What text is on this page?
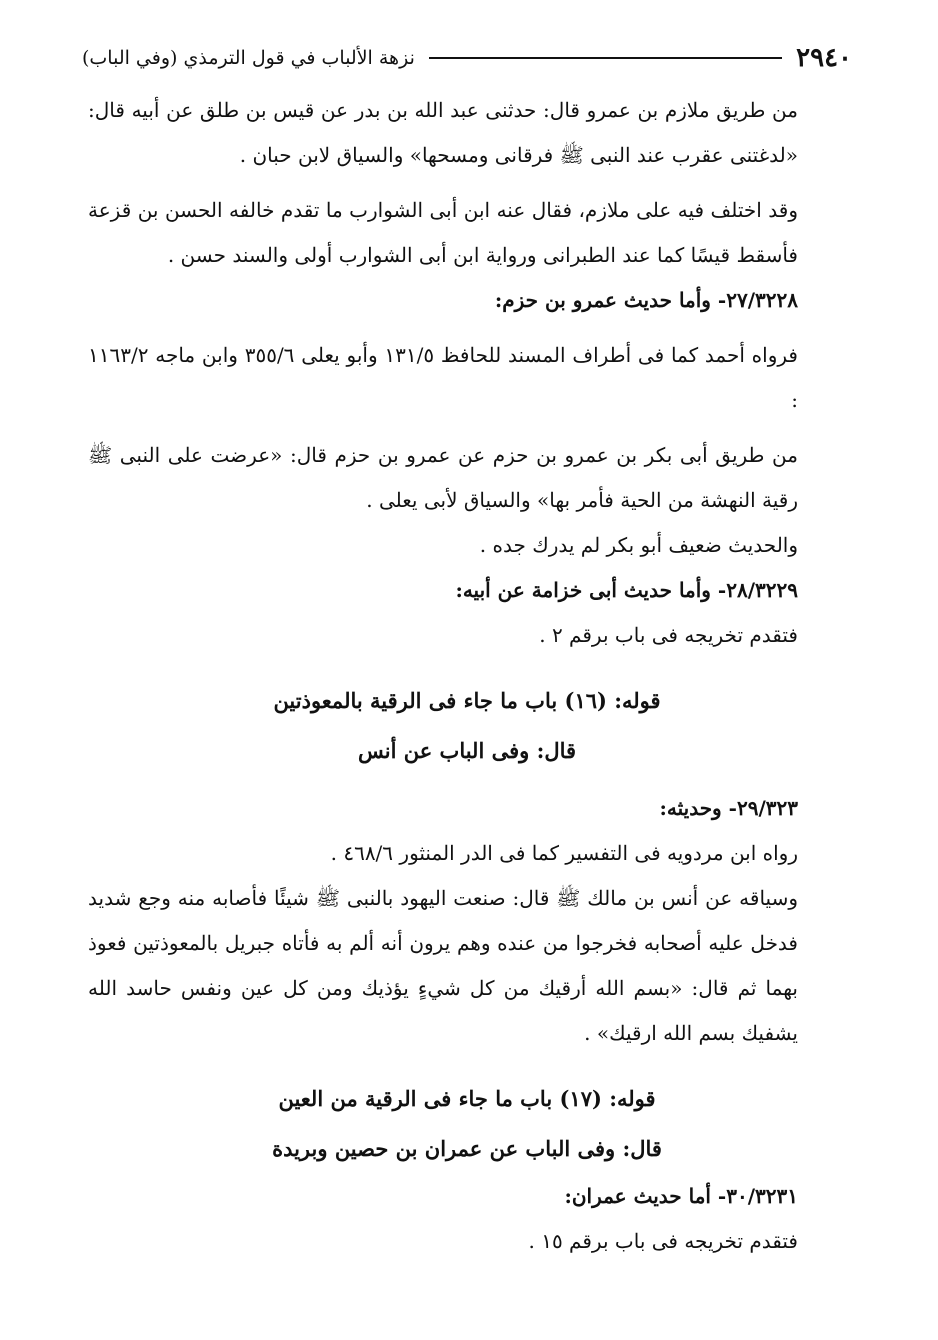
٢٩٤٠
نزهة الألباب في قول الترمذي (وفي الباب)

من طريق ملازم بن عمرو قال: حدثنى عبد الله بن بدر عن قيس بن طلق عن أبيه قال: «لدغتنى عقرب عند النبى ﷺ فرقانى ومسحها» والسياق لابن حبان .

وقد اختلف فيه على ملازم، فقال عنه ابن أبى الشوارب ما تقدم خالفه الحسن بن قزعة فأسقط قيسًا كما عند الطبرانى ورواية ابن أبى الشوارب أولى والسند حسن .

٢٧/٣٢٢٨- وأما حديث عمرو بن حزم:

فرواه أحمد كما فى أطراف المسند للحافظ ١٣١/٥ وأبو يعلى ٣٥٥/٦ وابن ماجه ١١٦٣/٢ :

من طريق أبى بكر بن عمرو بن حزم عن عمرو بن حزم قال: «عرضت على النبى ﷺ رقية النهشة من الحية فأمر بها» والسياق لأبى يعلى .

والحديث ضعيف أبو بكر لم يدرك جده .

٢٨/٣٢٢٩- وأما حديث أبى خزامة عن أبيه:

فتقدم تخريجه فى باب برقم ٢ .

قوله: (١٦) باب ما جاء فى الرقية بالمعوذتين

قال: وفى الباب عن أنس

٢٩/٣٢٣- وحديثه:

رواه ابن مردويه فى التفسير كما فى الدر المنثور ٤٦٨/٦ .

وسياقه عن أنس بن مالك ﷺ قال: صنعت اليهود بالنبى ﷺ شيئًا فأصابه منه وجع شديد فدخل عليه أصحابه فخرجوا من عنده وهم يرون أنه ألم به فأتاه جبريل بالمعوذتين فعوذ بهما ثم قال: «بسم الله أرقيك من كل شيءٍ يؤذيك ومن كل عين ونفس حاسد الله يشفيك بسم الله ارقيك» .

قوله: (١٧) باب ما جاء فى الرقية من العين

قال: وفى الباب عن عمران بن حصين وبريدة

٣٠/٣٢٣١- أما حديث عمران:

فتقدم تخريجه فى باب برقم ١٥ .
